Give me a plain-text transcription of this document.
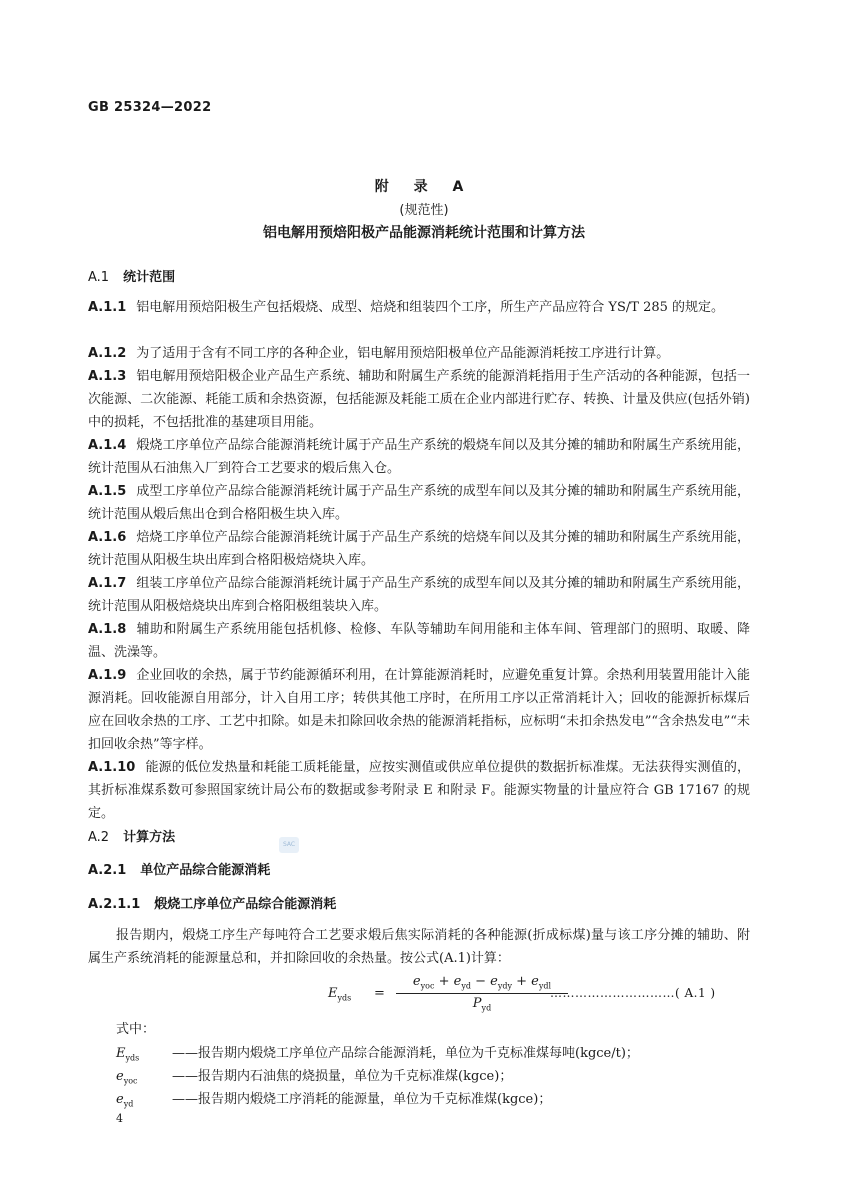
GB 25324—2022
附 录 A
(规范性)
铝电解用预焙阳极产品能源消耗统计范围和计算方法
A.1 统计范围
A.1.1 铝电解用预焙阳极生产包括煅烧、成型、焙烧和组装四个工序，所生产产品应符合 YS/T 285 的规定。
A.1.2 为了适用于含有不同工序的各种企业，铝电解用预焙阳极单位产品能源消耗按工序进行计算。
A.1.3 铝电解用预焙阳极企业产品生产系统、辅助和附属生产系统的能源消耗指用于生产活动的各种能源，包括一次能源、二次能源、耗能工质和余热资源，包括能源及耗能工质在企业内部进行贮存、转换、计量及供应(包括外销)中的损耗，不包括批准的基建项目用能。
A.1.4 煅烧工序单位产品综合能源消耗统计属于产品生产系统的煅烧车间以及其分摊的辅助和附属生产系统用能，统计范围从石油焦入厂到符合工艺要求的煅后焦入仓。
A.1.5 成型工序单位产品综合能源消耗统计属于产品生产系统的成型车间以及其分摊的辅助和附属生产系统用能，统计范围从煅后焦出仓到合格阳极生块入库。
A.1.6 焙烧工序单位产品综合能源消耗统计属于产品生产系统的焙烧车间以及其分摊的辅助和附属生产系统用能，统计范围从阳极生块出库到合格阳极焙烧块入库。
A.1.7 组装工序单位产品综合能源消耗统计属于产品生产系统的成型车间以及其分摊的辅助和附属生产系统用能，统计范围从阳极焙烧块出库到合格阳极组装块入库。
A.1.8 辅助和附属生产系统用能包括机修、检修、车队等辅助车间用能和主体车间、管理部门的照明、取暖、降温、洗澡等。
A.1.9 企业回收的余热，属于节约能源循环利用，在计算能源消耗时，应避免重复计算。余热利用装置用能计入能源消耗。回收能源自用部分，计入自用工序；转供其他工序时，在所用工序以正常消耗计入；回收的能源折标煤后应在回收余热的工序、工艺中扣除。如是未扣除回收余热的能源消耗指标，应标明“未扣余热发电”“含余热发电”“未扣回收余热”等字样。
A.1.10 能源的低位发热量和耗能工质耗能量，应按实测值或供应单位提供的数据折标准煤。无法获得实测值的，其折标准煤系数可参照国家统计局公布的数据或参考附录 E 和附录 F。能源实物量的计量应符合 GB 17167 的规定。
A.2 计算方法	SAC
A.2.1 单位产品综合能源消耗
A.2.1.1 煅烧工序单位产品综合能源消耗
报告期内，煅烧工序生产每吨符合工艺要求煅后焦实际消耗的各种能源(折成标煤)量与该工序分摊的辅助、附属生产系统消耗的能源量总和，并扣除回收的余热量。按公式(A.1)计算：
$E_{yds}$ =
$e_{yoc} + e_{yd} - e_{ydy} + e_{ydl}$
$P_{yd}$
…………………………( A.1 )
式中：
$E_{yds}$	——报告期内煅烧工序单位产品综合能源消耗，单位为千克标准煤每吨(kgce/t)；
$e_{yoc}$	——报告期内石油焦的烧损量，单位为千克标准煤(kgce)；
$e_{yd}$	——报告期内煅烧工序消耗的能源量，单位为千克标准煤(kgce)；
4
